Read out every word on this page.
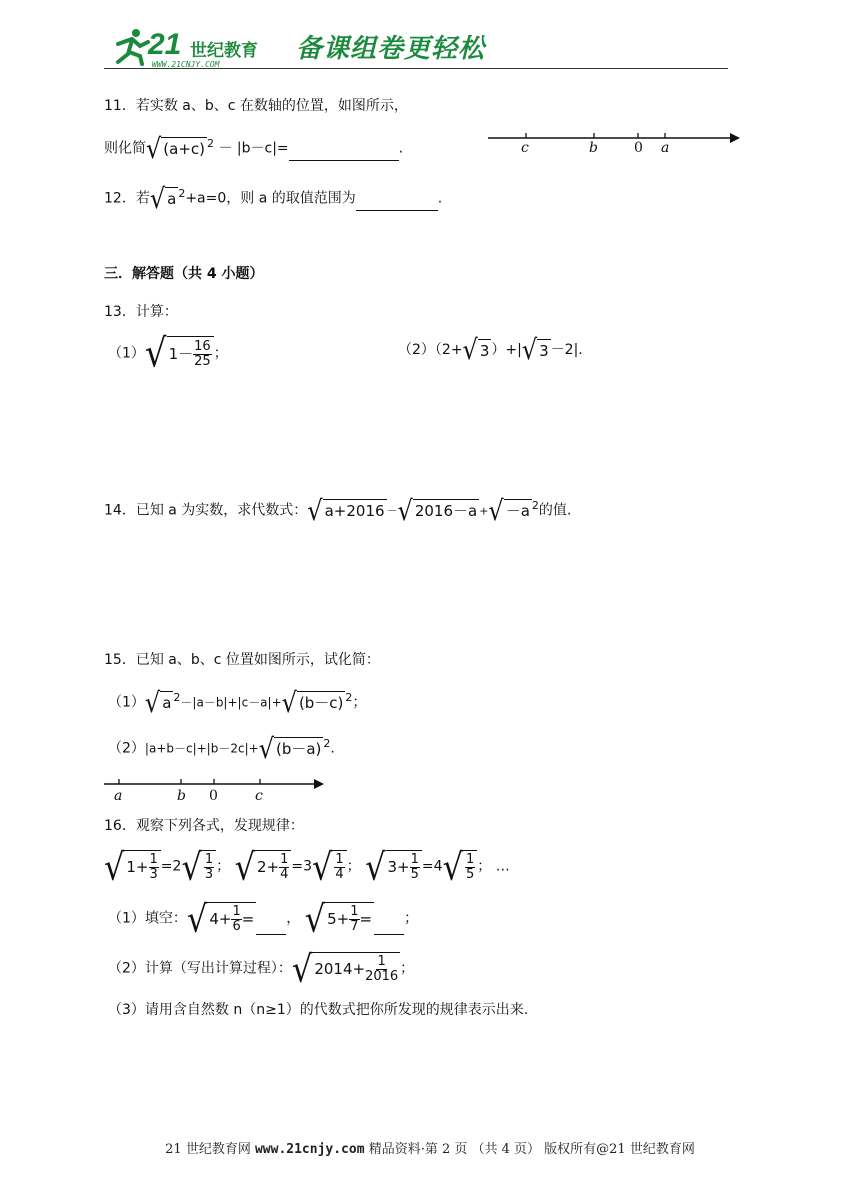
21 世纪教育
WWW.21CNJY.COM
备课组卷更轻松
11．若实数 a、b、c 在数轴的位置，如图所示，
则化简√ (a+c) $^2$ － |b－c|=	.	c	b	0 a
12．若√ a $^2$+a=0，则 a 的取值范围为	.
三．解答题（共 4 小题）
13．计算：
（1）√ $1- \frac{16}{25}$ ；	（2）（2+√ 3 ）+|√ 3 －2|.
14．已知 a 为实数，求代数式：√ a+2016 －√ 2016－a +√ －a $^2$的值.
15．已知 a、b、c 位置如图所示，试化简：
（1）√ a $^2$－|a－b|+|c－a|+√ (b－c) $^2$；
（2）|a+b－c|+|b－2c|+√ (b－a) $^2$.
a	b 0	c
16．观察下列各式，发现规律：
√ $1+ \frac{1}{3} =2√ \frac{1}{3}$ ； √ $2+ \frac{1}{4} =3√ \frac{1}{4}$ ； √ $3+ \frac{1}{5} =4√ \frac{1}{5}$ ； …
（1）填空：√ $4+ \frac{1}{6}$ = ， √ $5+ \frac{1}{7}$ = ；
（2）计算（写出计算过程）：√ $2014+ \frac{1}{2016}$ ；
（3）请用含自然数 n（n≥1）的代数式把你所发现的规律表示出来.
21 世纪教育网 www.21cnjy.com 精品资料·第 2 页 （共 4 页） 版权所有@21 世纪教育网
